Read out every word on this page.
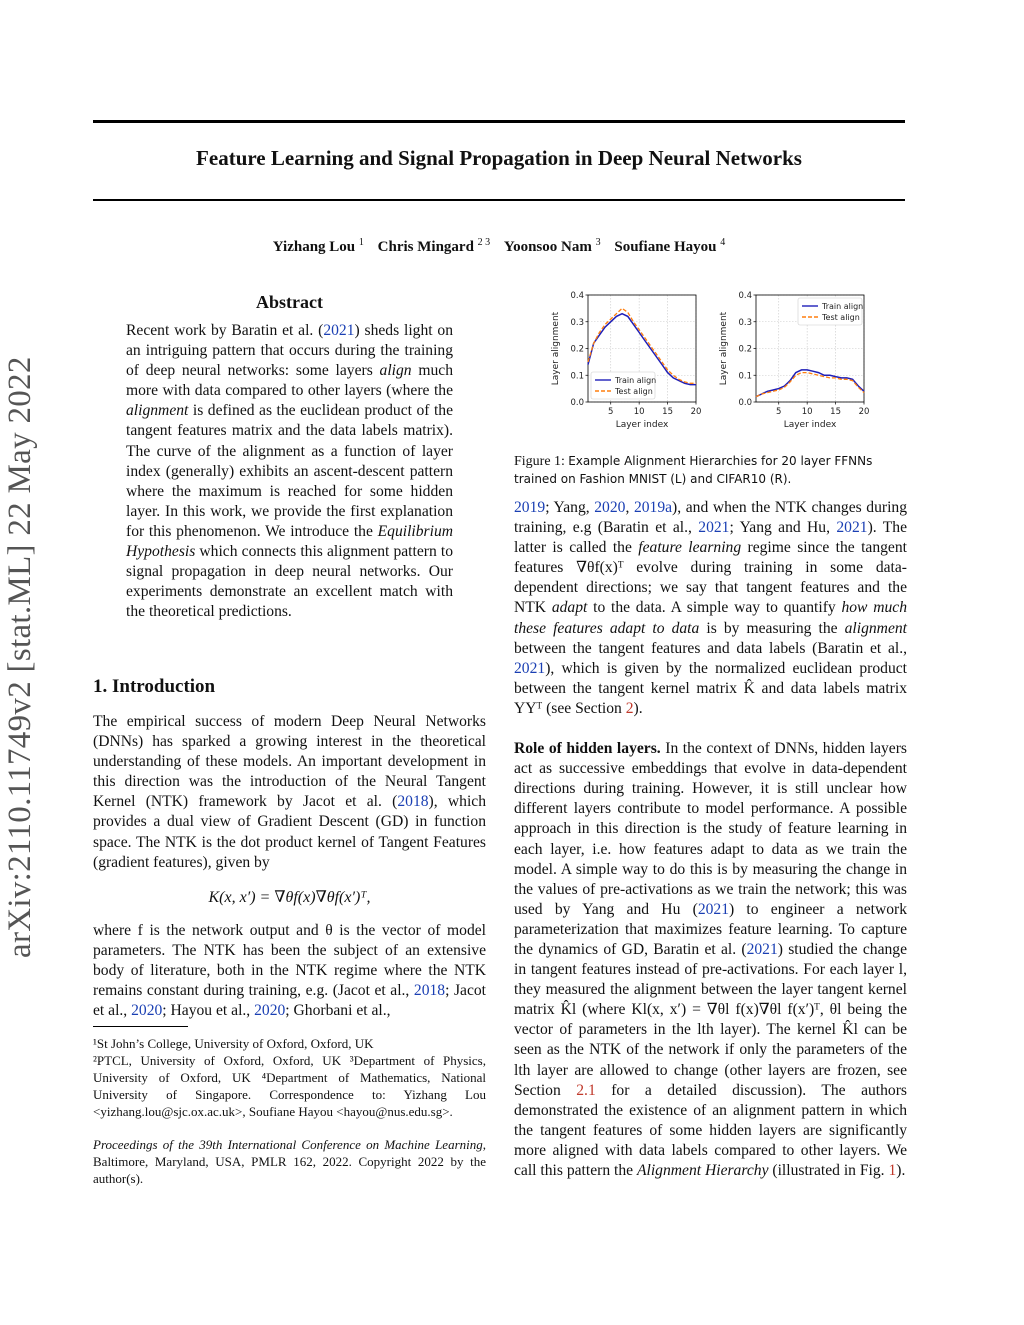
arXiv:2110.11749v2 [stat.ML] 22 May 2022
Feature Learning and Signal Propagation in Deep Neural Networks
Yizhang Lou $^1$ Chris Mingard $^{2 3}$ Yoonsoo Nam $^3$ Soufiane Hayou $^4$
Abstract

Recent work by Baratin et al. (2021) sheds light on an intriguing pattern that occurs during the training of deep neural networks: some layers align much more with data compared to other layers (where the alignment is defined as the euclidean product of the tangent features matrix and the data labels matrix). The curve of the alignment as a function of layer index (generally) exhibits an ascent-descent pattern where the maximum is reached for some hidden layer. In this work, we provide the first explanation for this phenomenon. We introduce the Equilibrium Hypothesis which connects this alignment pattern to signal propagation in deep neural networks. Our experiments demonstrate an excellent match with the theoretical predictions.

1. Introduction

The empirical success of modern Deep Neural Networks (DNNs) has sparked a growing interest in the theoretical understanding of these models. An important development in this direction was the introduction of the Neural Tangent Kernel (NTK) framework by Jacot et al. (2018), which provides a dual view of Gradient Descent (GD) in function space. The NTK is the dot product kernel of Tangent Features (gradient features), given by

K(x, x′) = ∇θf(x)∇θf(x′)ᵀ,

where f is the network output and θ is the vector of model parameters. The NTK has been the subject of an extensive body of literature, both in the NTK regime where the NTK remains constant during training, e.g. (Jacot et al., 2018; Jacot et al., 2020; Hayou et al., 2020; Ghorbani et al.,

¹St John’s College, University of Oxford, Oxford, UK
²PTCL, University of Oxford, Oxford, UK ³Department of Physics, University of Oxford, UK ⁴Department of Mathematics, National University of Singapore. Correspondence to: Yizhang Lou <yizhang.lou@sjc.ox.ac.uk>, Soufiane Hayou <hayou@nus.edu.sg>.

Proceedings of the 39th International Conference on Machine Learning, Baltimore, Maryland, USA, PMLR 162, 2022. Copyright 2022 by the author(s).

0.0
0.1
0.2
0.3
0.4
5 10 15 20
Layer index
Layer alignment	Train align
Test align
0.0
0.1
0.2
0.3
0.4
5 10 15 20
Layer index
Layer alignment
Train align
Test align

Figure 1: Example Alignment Hierarchies for 20 layer FFNNs trained on Fashion MNIST (L) and CIFAR10 (R).

2019; Yang, 2020, 2019a), and when the NTK changes during training, e.g (Baratin et al., 2021; Yang and Hu, 2021). The latter is called the feature learning regime since the tangent features ∇θf(x)ᵀ evolve during training in some data-dependent directions; we say that tangent features and the NTK adapt to the data. A simple way to quantify how much these features adapt to data is by measuring the alignment between the tangent features and data labels (Baratin et al., 2021), which is given by the normalized euclidean product between the tangent kernel matrix K̂ and data labels matrix YYᵀ (see Section 2).

Role of hidden layers. In the context of DNNs, hidden layers act as successive embeddings that evolve in data-dependent directions during training. However, it is still unclear how different layers contribute to model performance. A possible approach in this direction is the study of feature learning in each layer, i.e. how features adapt to data as we train the model. A simple way to do this is by measuring the change in the values of pre-activations as we train the network; this was used by Yang and Hu (2021) to engineer a network parameterization that maximizes feature learning. To capture the dynamics of GD, Baratin et al. (2021) studied the change in tangent features instead of pre-activations. For each layer l, they measured the alignment between the layer tangent kernel matrix K̂l (where Kl(x, x′) = ∇θl f(x)∇θl f(x′)ᵀ, θl being the vector of parameters in the lth layer). The kernel K̂l can be seen as the NTK of the network if only the parameters of the lth layer are allowed to change (other layers are frozen, see Section 2.1 for a detailed discussion). The authors demonstrated the existence of an alignment pattern in which the tangent features of some hidden layers are significantly more aligned with data labels compared to other layers. We call this pattern the Alignment Hierarchy (illustrated in Fig. 1).
